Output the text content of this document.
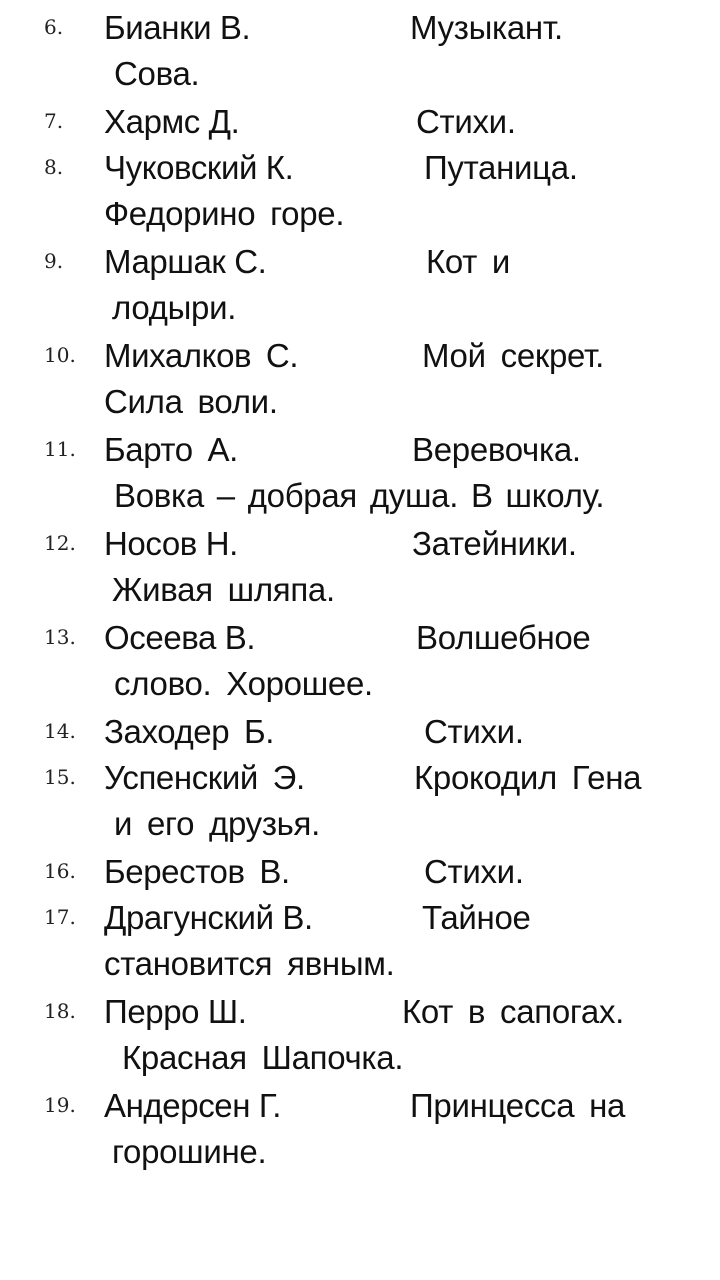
6.	Бианки В.	Музыкант.
Сова.
7.	Хармс Д.	Стихи.
8.	Чуковский К.	Путаница.
Федорино горе.
9.	Маршак С.	Кот и
лодыри.
10. Михалков С.	Мой секрет.
Сила воли.
11. Барто А.	Веревочка.
Вовка – добрая душа. В школу.
12. Носов Н.	Затейники.
Живая шляпа.
13. Осеева В.	Волшебное
слово. Хорошее.
14. Заходер Б.	Стихи.
15. Успенский Э.	Крокодил Гена
и его друзья.
16. Берестов В.	Стихи.
17. Драгунский В.	Тайное
становится явным.
18. Перро Ш.	Кот в сапогах.
Красная Шапочка.
19. Андерсен Г.	Принцесса на
горошине.
